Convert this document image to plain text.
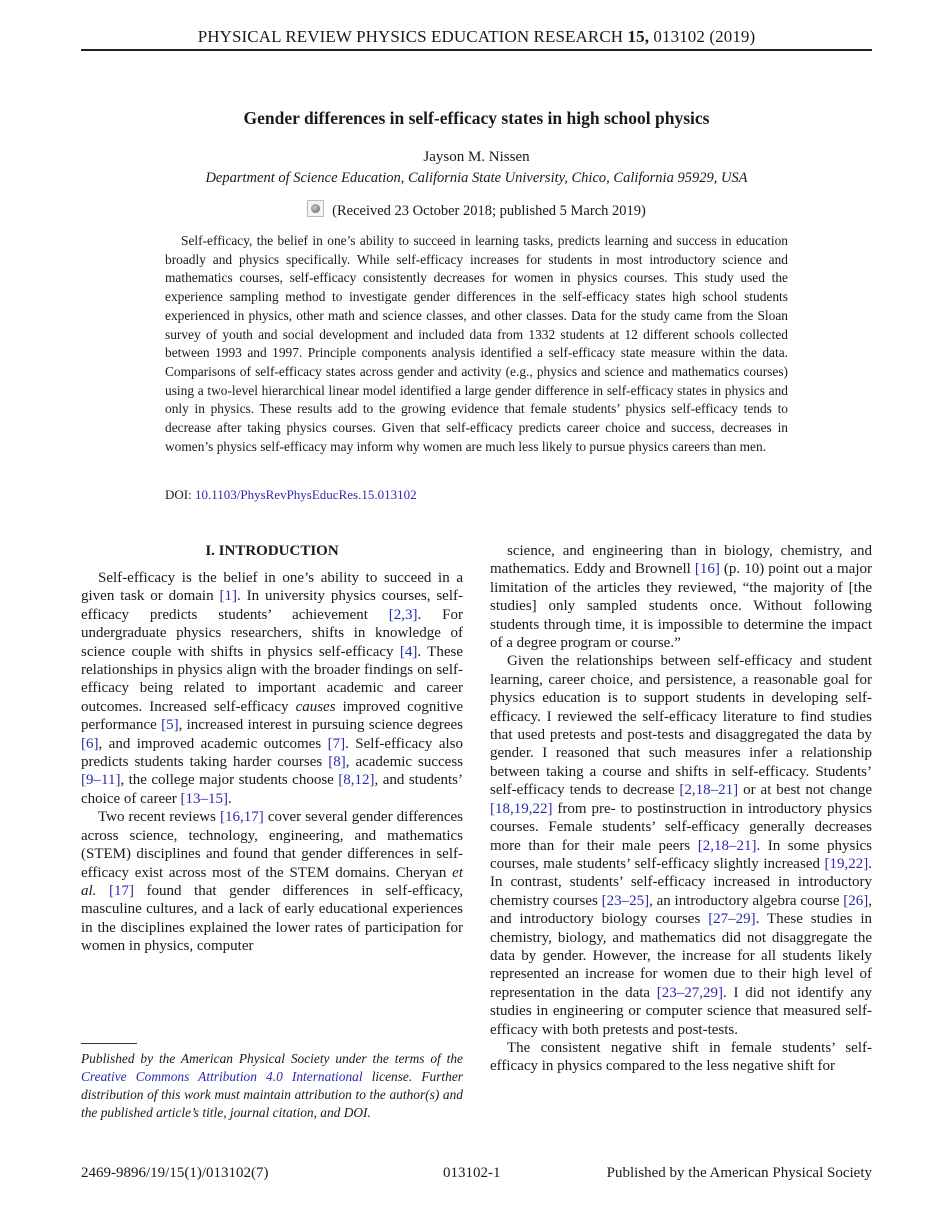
PHYSICAL REVIEW PHYSICS EDUCATION RESEARCH 15, 013102 (2019)
Gender differences in self-efficacy states in high school physics
Jayson M. Nissen
Department of Science Education, California State University, Chico, California 95929, USA
(Received 23 October 2018; published 5 March 2019)
Self-efficacy, the belief in one’s ability to succeed in learning tasks, predicts learning and success in education broadly and physics specifically. While self-efficacy increases for students in most introductory science and mathematics courses, self-efficacy consistently decreases for women in physics courses. This study used the experience sampling method to investigate gender differences in the self-efficacy states high school students experienced in physics, other math and science classes, and other classes. Data for the study came from the Sloan survey of youth and social development and included data from 1332 students at 12 different schools collected between 1993 and 1997. Principle components analysis identified a self-efficacy state measure within the data. Comparisons of self-efficacy states across gender and activity (e.g., physics and science and mathematics courses) using a two-level hierarchical linear model identified a large gender difference in self-efficacy states in physics and only in physics. These results add to the growing evidence that female students’ physics self-efficacy tends to decrease after taking physics courses. Given that self-efficacy predicts career choice and success, decreases in women’s physics self-efficacy may inform why women are much less likely to pursue physics careers than men.
DOI: 10.1103/PhysRevPhysEducRes.15.013102
I. INTRODUCTION

Self-efficacy is the belief in one’s ability to succeed in a given task or domain [1]. In university physics courses, self-efficacy predicts students’ achievement [2,3]. For undergraduate physics researchers, shifts in knowledge of science couple with shifts in physics self-efficacy [4]. These relationships in physics align with the broader findings on self-efficacy being related to important academic and career outcomes. Increased self-efficacy causes improved cognitive performance [5], increased interest in pursuing science degrees [6], and improved academic outcomes [7]. Self-efficacy also predicts students taking harder courses [8], academic success [9–11], the college major students choose [8,12], and students’ choice of career [13–15].

Two recent reviews [16,17] cover several gender differences across science, technology, engineering, and mathematics (STEM) disciplines and found that gender differences in self-efficacy exist across most of the STEM domains. Cheryan et al. [17] found that gender differences in self-efficacy, masculine cultures, and a lack of early educational experiences in the disciplines explained the lower rates of participation for women in physics, computer

science, and engineering than in biology, chemistry, and mathematics. Eddy and Brownell [16] (p. 10) point out a major limitation of the articles they reviewed, “the majority of [the studies] only sampled students once. Without following students through time, it is impossible to determine the impact of a degree program or course.”

Given the relationships between self-efficacy and student learning, career choice, and persistence, a reasonable goal for physics education is to support students in developing self-efficacy. I reviewed the self-efficacy literature to find studies that used pretests and post-tests and disaggregated the data by gender. I reasoned that such measures infer a relationship between taking a course and shifts in self-efficacy. Students’ self-efficacy tends to decrease [2,18–21] or at best not change [18,19,22] from pre- to postinstruction in introductory physics courses. Female students’ self-efficacy generally decreases more than for their male peers [2,18–21]. In some physics courses, male students’ self-efficacy slightly increased [19,22]. In contrast, students’ self-efficacy increased in introductory chemistry courses [23–25], an introductory algebra course [26], and introductory biology courses [27–29]. These studies in chemistry, biology, and mathematics did not disaggregate the data by gender. However, the increase for all students likely represented an increase for women due to their high level of representation in the data [23–27,29]. I did not identify any studies in engineering or computer science that measured self-efficacy with both pretests and post-tests.

The consistent negative shift in female students’ self-efficacy in physics compared to the less negative shift for

Published by the American Physical Society under the terms of the Creative Commons Attribution 4.0 International license. Further distribution of this work must maintain attribution to the author(s) and the published article’s title, journal citation, and DOI.
2469-9896/19/15(1)/013102(7)	013102-1	Published by the American Physical Society
